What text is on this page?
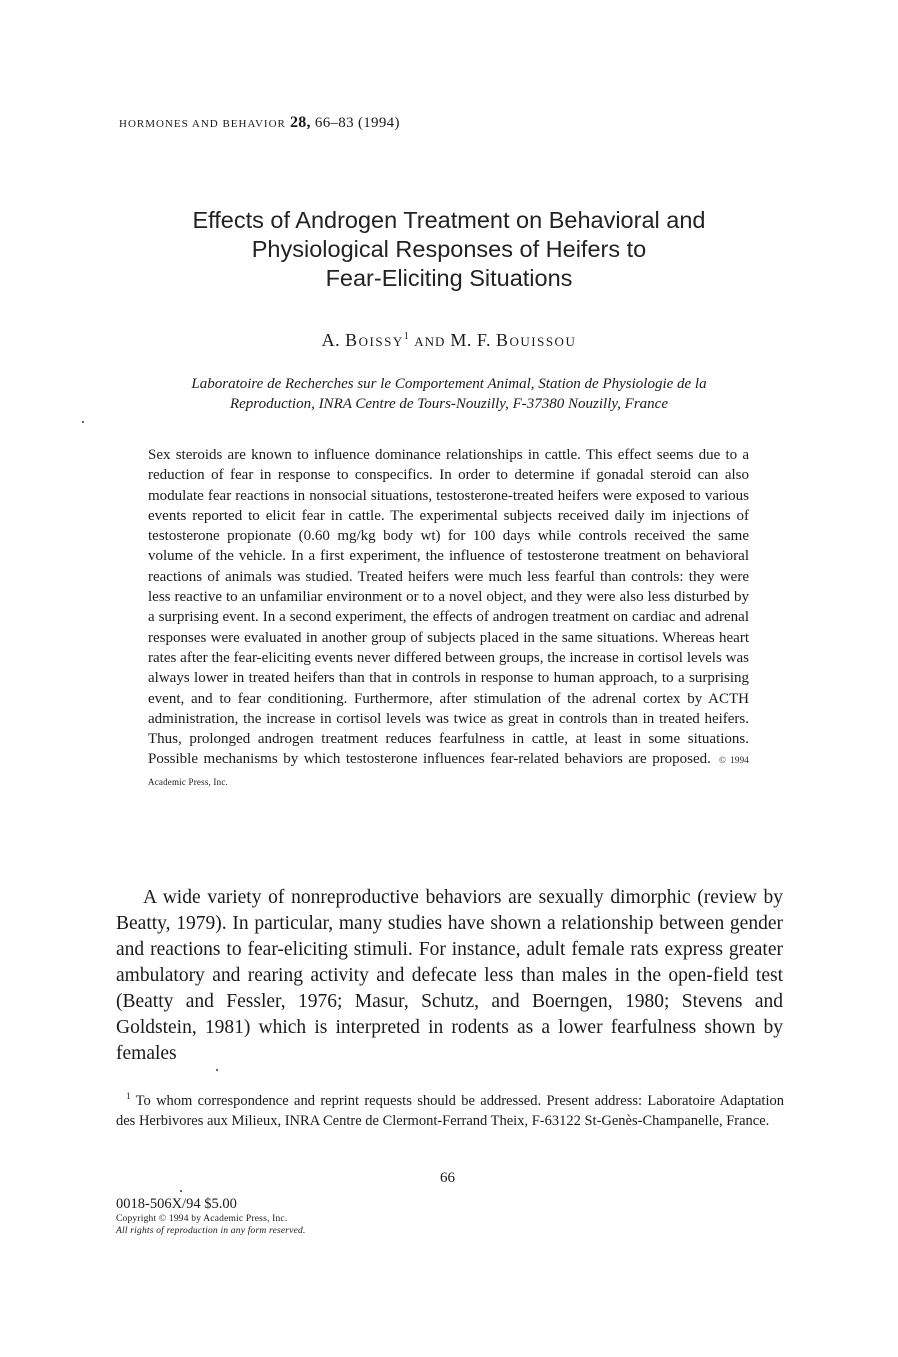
HORMONES AND BEHAVIOR 28, 66–83 (1994)
Effects of Androgen Treatment on Behavioral and
Physiological Responses of Heifers to
Fear-Eliciting Situations
A. Boissy$^1$ and M. F. Bouissou
Laboratoire de Recherches sur le Comportement Animal, Station de Physiologie de la
Reproduction, INRA Centre de Tours-Nouzilly, F-37380 Nouzilly, France
Sex steroids are known to influence dominance relationships in cattle. This effect seems due to a reduction of fear in response to conspecifics. In order to determine if gonadal steroid can also modulate fear reactions in nonsocial situations, testosterone-treated heifers were exposed to various events reported to elicit fear in cattle. The experimental subjects received daily im injections of testosterone propionate (0.60 mg/kg body wt) for 100 days while controls received the same volume of the vehicle. In a first experiment, the influence of testosterone treatment on behavioral reactions of animals was studied. Treated heifers were much less fearful than controls: they were less reactive to an unfamiliar environment or to a novel object, and they were also less disturbed by a surprising event. In a second experiment, the effects of androgen treatment on cardiac and adrenal responses were evaluated in another group of subjects placed in the same situations. Whereas heart rates after the fear-eliciting events never differed between groups, the increase in cortisol levels was always lower in treated heifers than that in controls in response to human approach, to a surprising event, and to fear conditioning. Furthermore, after stimulation of the adrenal cortex by ACTH administration, the increase in cortisol levels was twice as great in controls than in treated heifers. Thus, prolonged androgen treatment reduces fearfulness in cattle, at least in some situations. Possible mechanisms by which testosterone influences fear-related behaviors are proposed. © 1994 Academic Press, Inc.
A wide variety of nonreproductive behaviors are sexually dimorphic (review by Beatty, 1979). In particular, many studies have shown a relationship between gender and reactions to fear-eliciting stimuli. For instance, adult female rats express greater ambulatory and rearing activity and defecate less than males in the open-field test (Beatty and Fessler, 1976; Masur, Schutz, and Boerngen, 1980; Stevens and Goldstein, 1981) which is interpreted in rodents as a lower fearfulness shown by females
$^1$ To whom correspondence and reprint requests should be addressed. Present address: Laboratoire Adaptation des Herbivores aux Milieux, INRA Centre de Clermont-Ferrand Theix, F-63122 St-Genès-Champanelle, France.
66
0018-506X/94 $5.00
Copyright © 1994 by Academic Press, Inc.
All rights of reproduction in any form reserved.
